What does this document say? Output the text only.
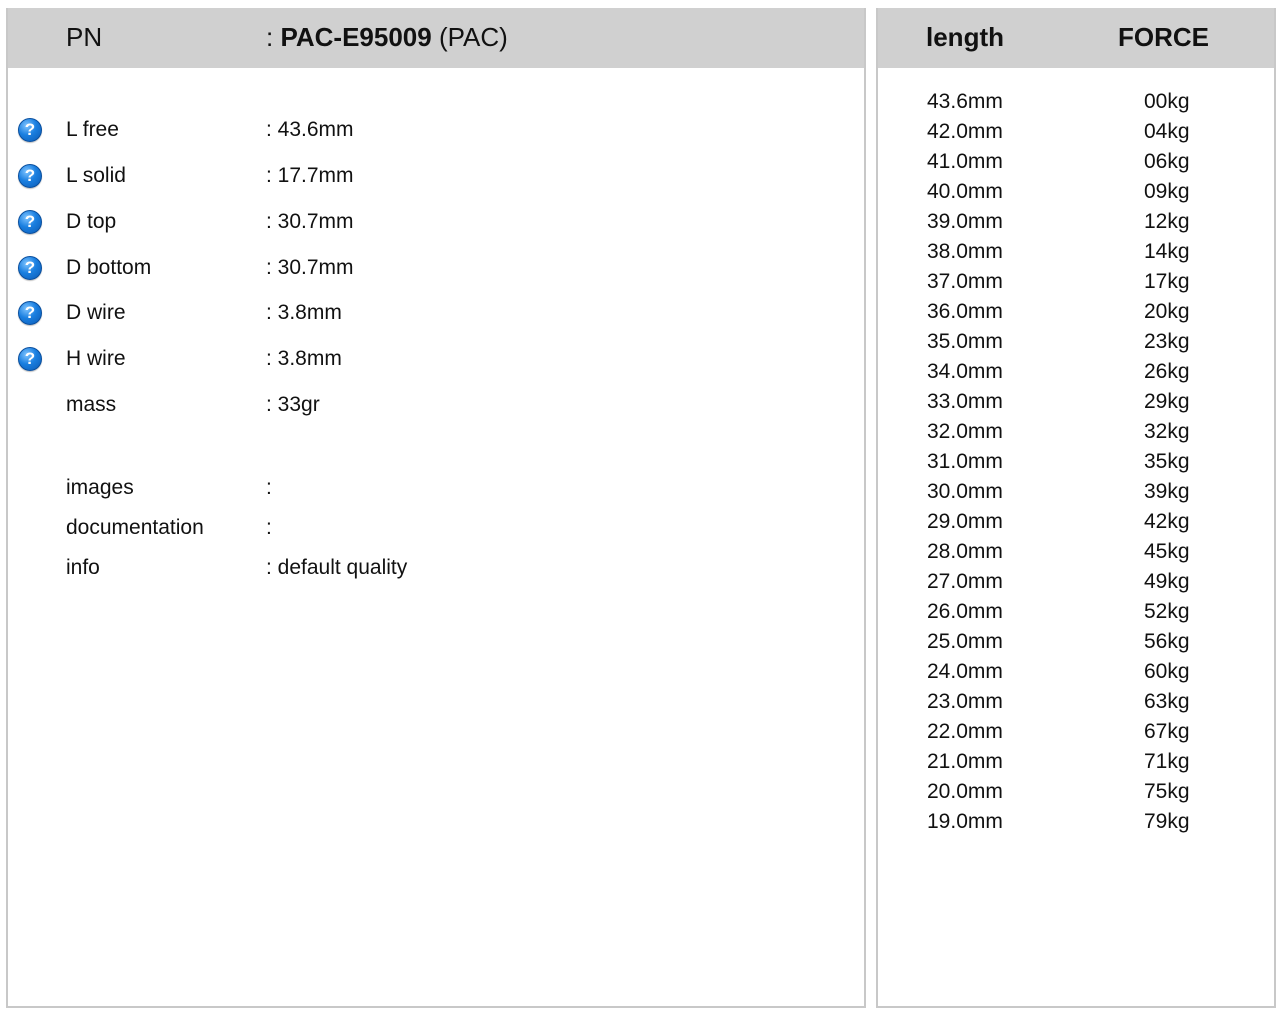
PN	: PAC-E95009 (PAC)
?	L free	: 43.6mm
?	L solid	: 17.7mm
?	D top	: 30.7mm
?	D bottom	: 30.7mm
?	D wire	: 3.8mm
?	H wire	: 3.8mm
mass	: 33gr
images	:
documentation	:
info	: default quality
length	FORCE
43.6mm	00kg
42.0mm	04kg
41.0mm	06kg
40.0mm	09kg
39.0mm	12kg
38.0mm	14kg
37.0mm	17kg
36.0mm	20kg
35.0mm	23kg
34.0mm	26kg
33.0mm	29kg
32.0mm	32kg
31.0mm	35kg
30.0mm	39kg
29.0mm	42kg
28.0mm	45kg
27.0mm	49kg
26.0mm	52kg
25.0mm	56kg
24.0mm	60kg
23.0mm	63kg
22.0mm	67kg
21.0mm	71kg
20.0mm	75kg
19.0mm	79kg
